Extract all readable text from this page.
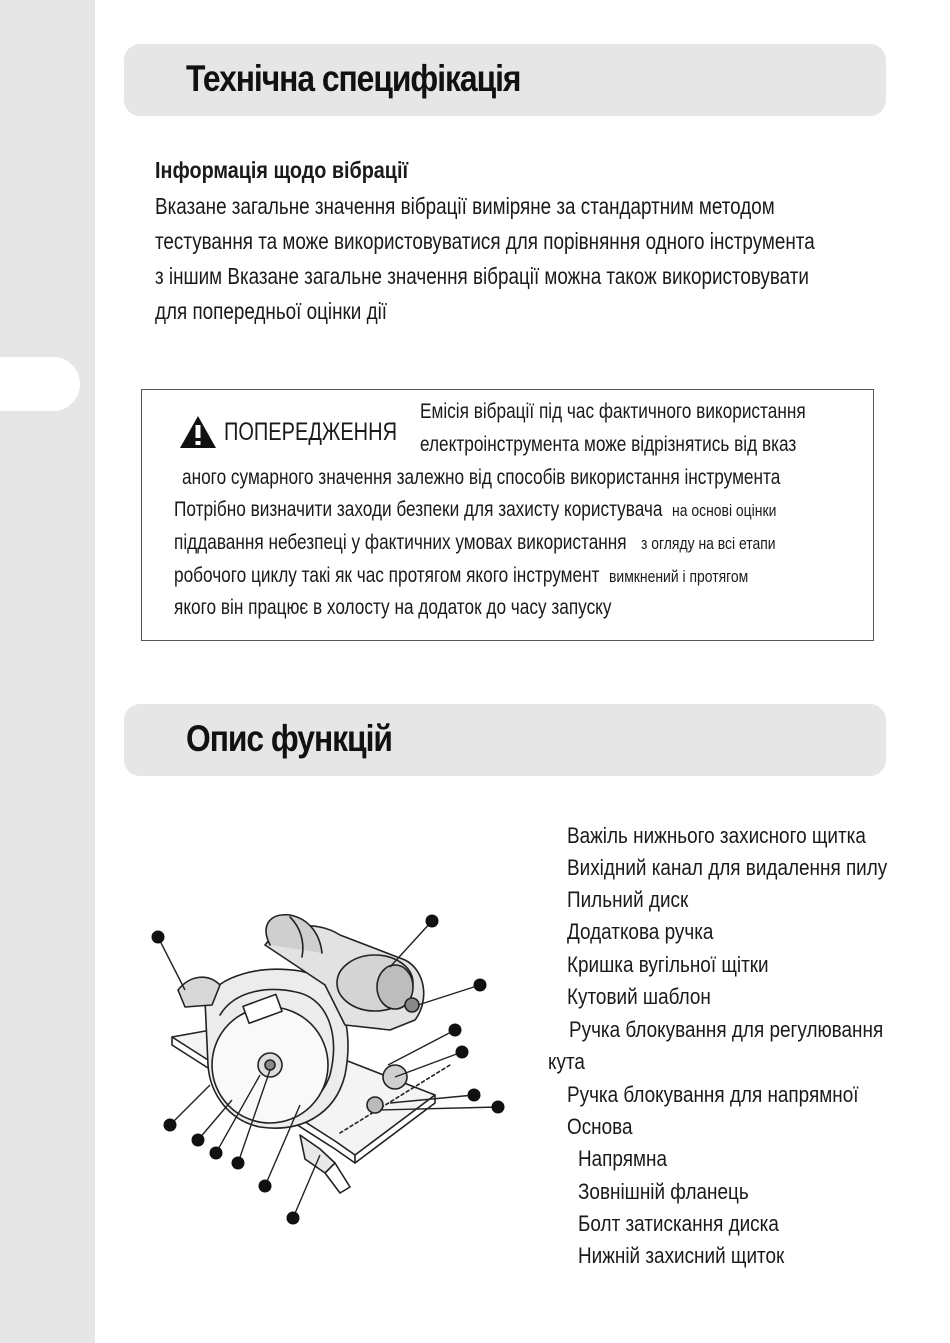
Технічна специфікація
Інформація щодо вібрації
Вказане загальне значення вібрації виміряне за стандартним методом
тестування та може використовуватися для порівняння одного інструмента
з іншим Вказане загальне значення вібрації можна також використовувати
для попередньої оцінки дії
ПОПЕРЕДЖЕННЯ
Емісія вібрації під час фактичного використання
електроінструмента може відрізнятись від вказ
аного сумарного значення залежно від способів використання інструмента
Потрібно визначити заходи безпеки для захисту користувача на основі оцінки
піддавання небезпеці у фактичних умовах використання з огляду на всі етапи
робочого циклу такі як час протягом якого інструмент вимкнений і протягом
якого він працює в холосту на додаток до часу запуску
Опис функцій
Важіль нижнього захисного щитка
Вихідний канал для видалення пилу
Пильний диск
Додаткова ручка
Кришка вугільної щітки
Кутовий шаблон
Ручка блокування для регулювання
кута
Ручка блокування для напрямної
Основа
Напрямна
Зовнішній фланець
Болт затискання диска
Нижній захисний щиток
